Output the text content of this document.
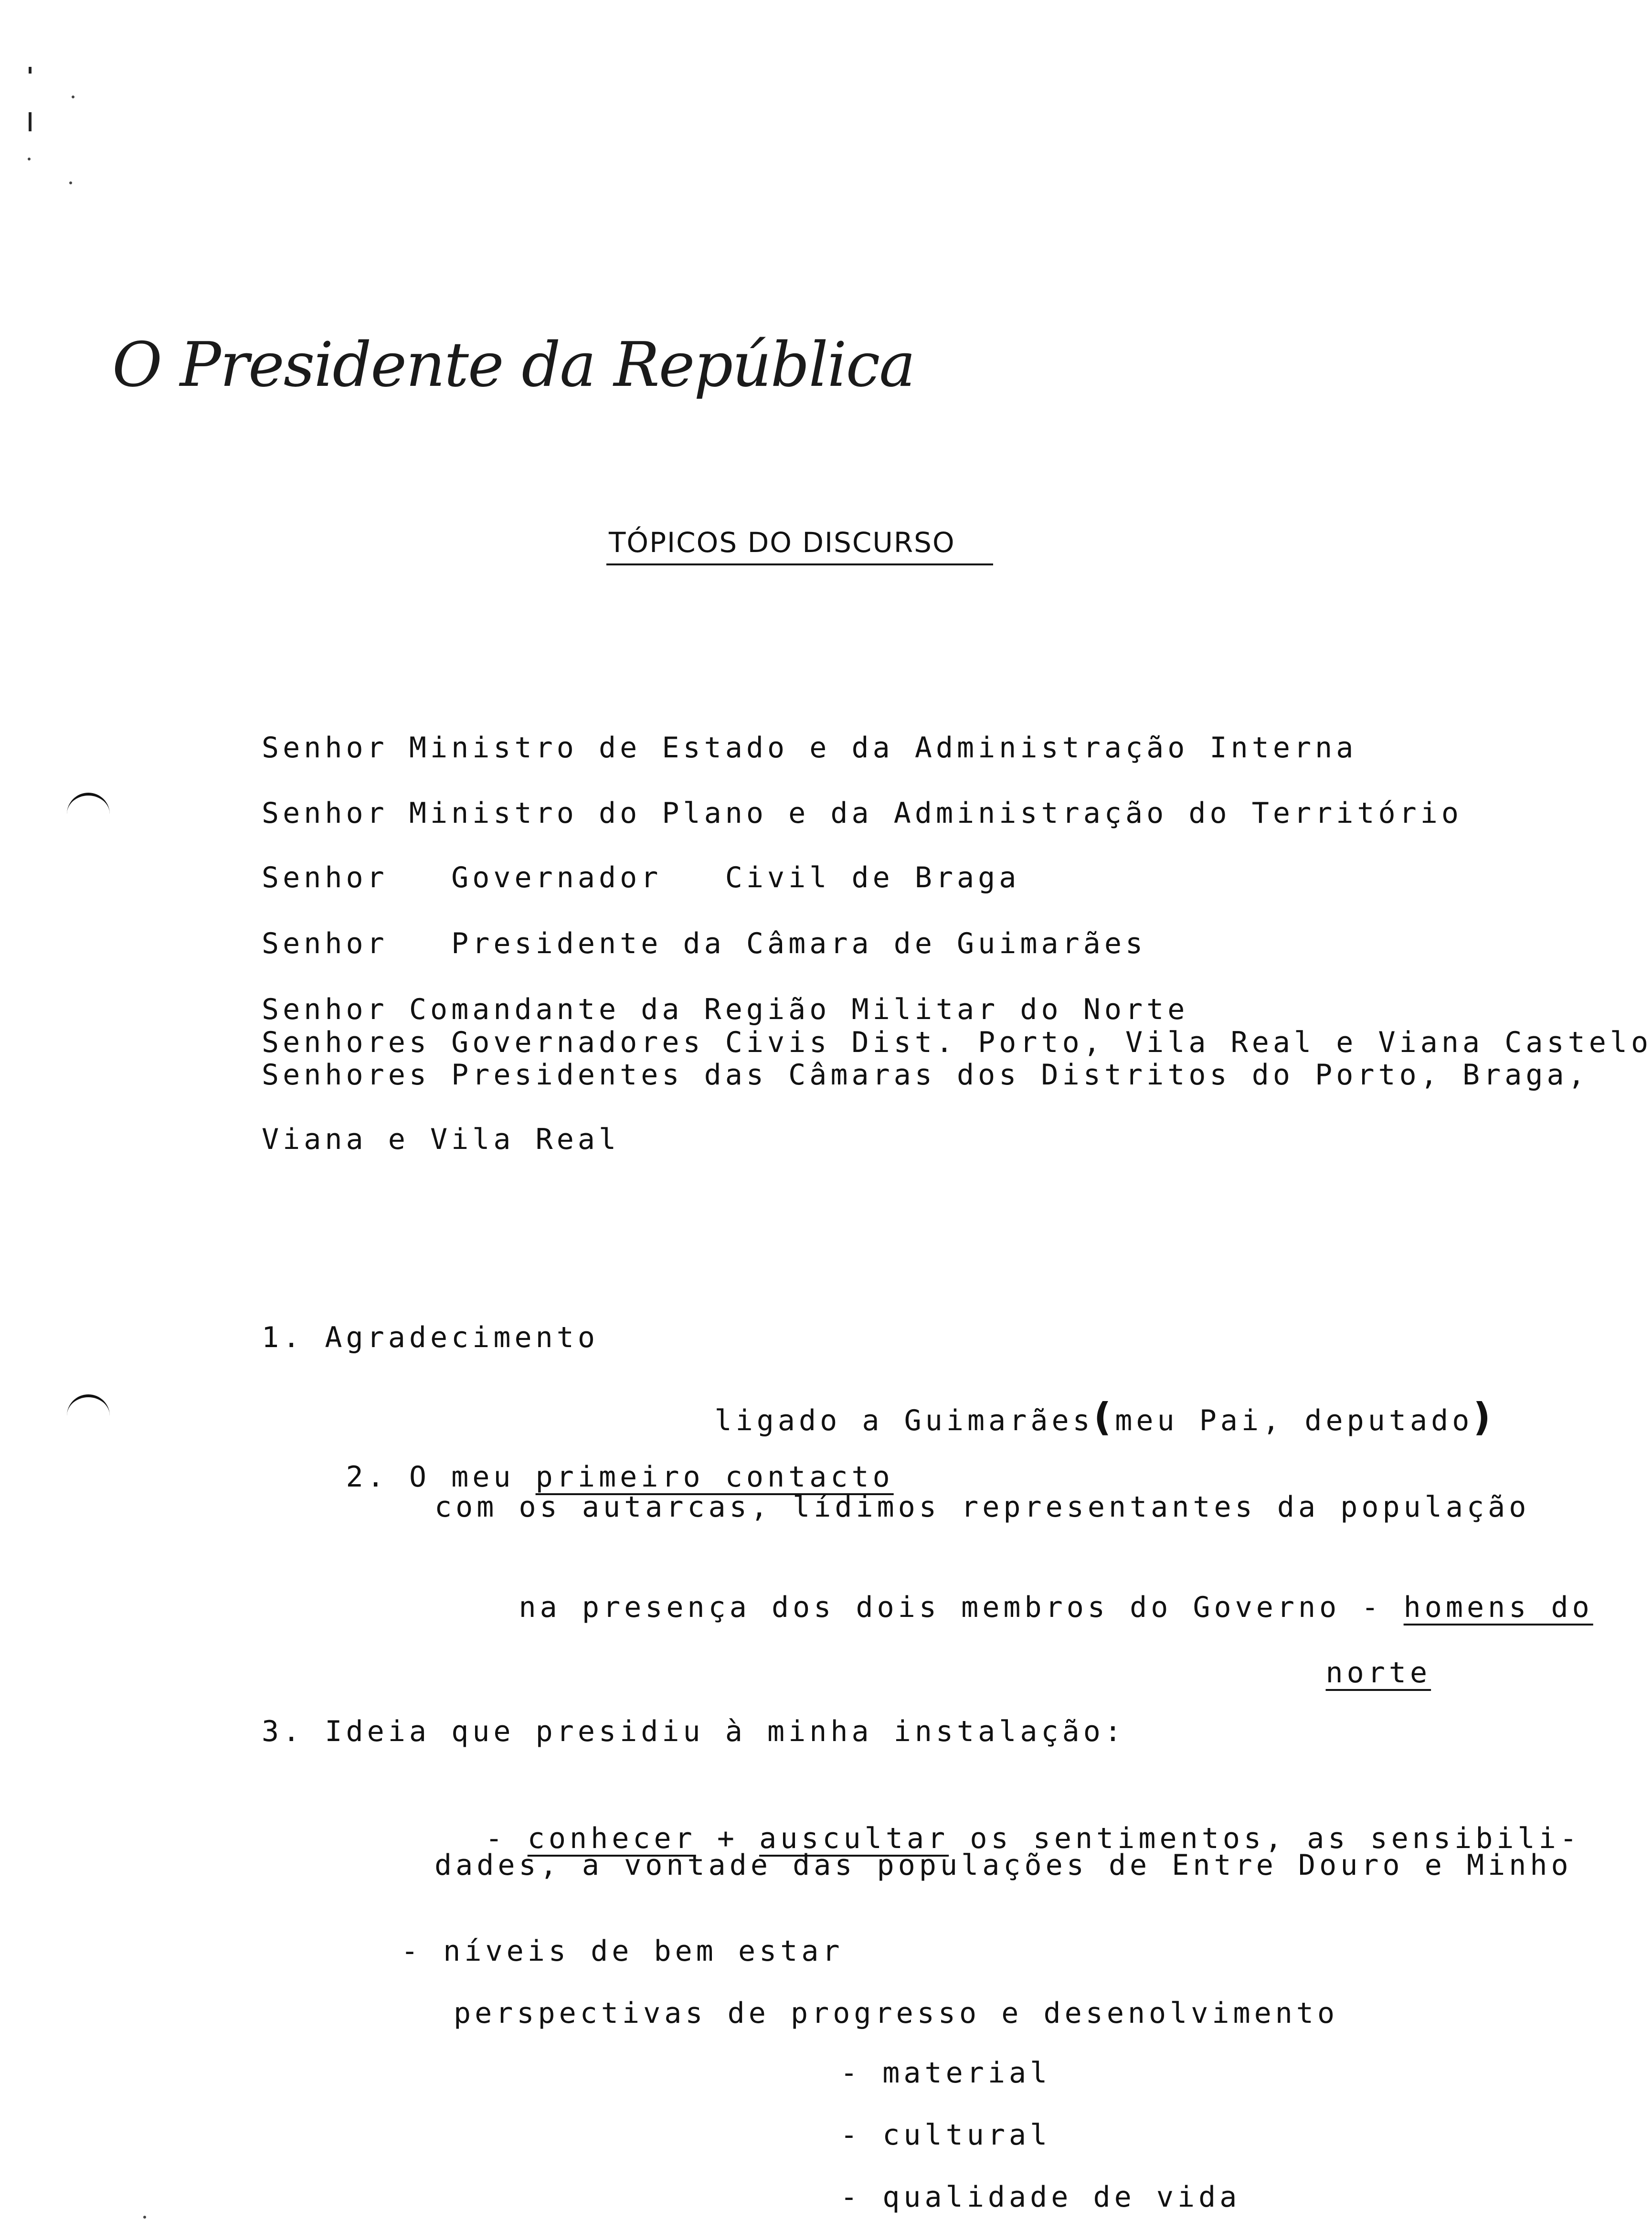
O Presidente da República
TÓPICOS DO DISCURSO
Senhor Ministro de Estado e da Administração Interna
Senhor Ministro do Plano e da Administração do Território
Senhor   Governador   Civil de Braga
Senhor   Presidente da Câmara de Guimarães
Senhor Comandante da Região Militar do Norte
Senhores Governadores Civis Dist. Porto, Vila Real e Viana Castelo
Senhores Presidentes das Câmaras dos Distritos do Porto, Braga,
Viana e Vila Real
1. Agradecimento

ligado a Guimarães(meu Pai, deputado)

2. O meu primeiro contacto

com os autarcas, lídimos representantes da população

na presença dos dois membros do Governo - homens do

norte

3. Ideia que presidiu à minha instalação:

- conhecer + auscultar os sentimentos, as sensibili-

dades, a vontade das populações de Entre Douro e Minho
- níveis de bem estar
perspectivas de progresso e desenolvimento
- material
- cultural
- qualidade de vida
